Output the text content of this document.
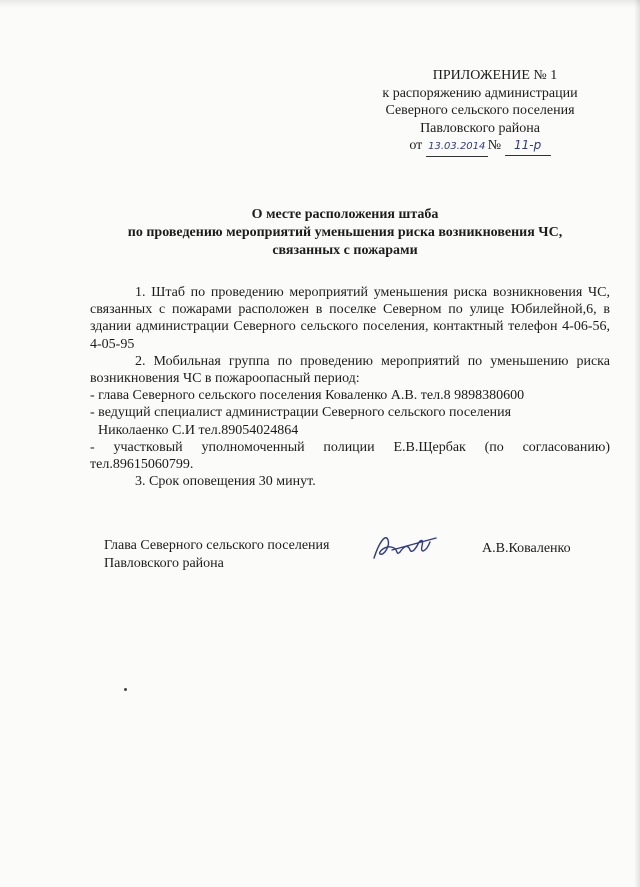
ПРИЛОЖЕНИЕ № 1
к распоряжению администрации
Северного сельского поселения
Павловского района
от 13.03.2014 № 11-р
О месте расположения штаба
по проведению мероприятий уменьшения риска возникновения ЧС,
связанных с пожарами

1. Штаб по проведению мероприятий уменьшения риска возникновения ЧС, связанных с пожарами расположен в поселке Северном по улице Юбилейной,6, в здании администрации Северного сельского поселения, контактный телефон 4-06-56, 4-05-95

2. Мобильная группа по проведению мероприятий по уменьшению риска возникновения ЧС в пожароопасный период:

- глава Северного сельского поселения Коваленко А.В. тел.8 9898380600

- ведущий специалист администрации Северного сельского поселения

Николаенко С.И тел.89054024864

- участковый уполномоченный полиции Е.В.Щербак (по согласованию) тел.89615060799.

3. Срок оповещения 30 минут.

Глава Северного сельского поселения
Павловского района
А.В.Коваленко
